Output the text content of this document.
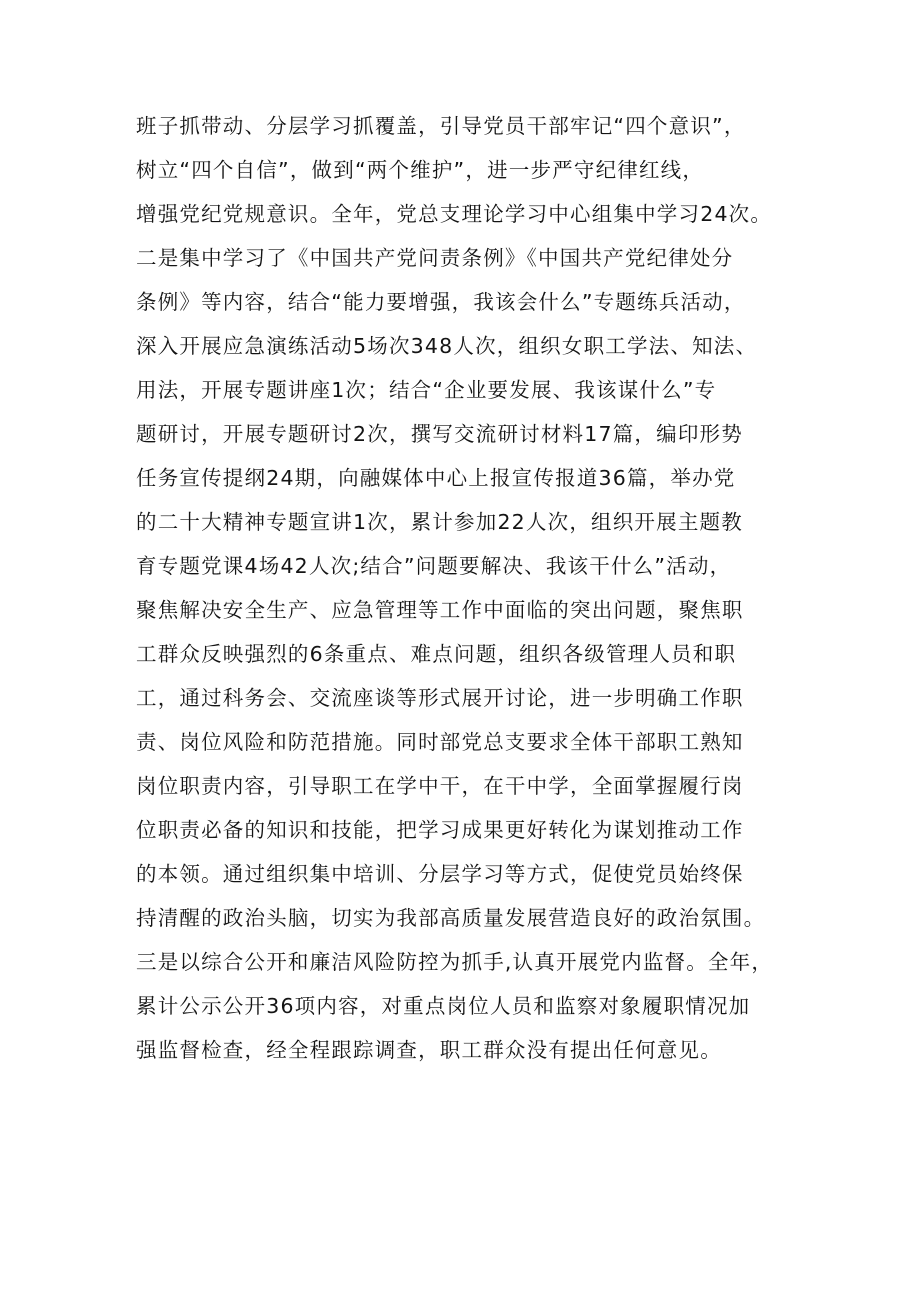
班子抓带动、分层学习抓覆盖，引导党员干部牢记“四个意识”，
树立“四个自信”，做到“两个维护”，进一步严守纪律红线，
增强党纪党规意识。全年，党总支理论学习中心组集中学习24次。
二是集中学习了《中国共产党问责条例》《中国共产党纪律处分
条例》等内容，结合“能力要增强，我该会什么”专题练兵活动，
深入开展应急演练活动5场次348人次，组织女职工学法、知法、
用法，开展专题讲座1次；结合“企业要发展、我该谋什么”专
题研讨，开展专题研讨2次，撰写交流研讨材料17篇，编印形势
任务宣传提纲24期，向融媒体中心上报宣传报道36篇，举办党
的二十大精神专题宣讲1次，累计参加22人次，组织开展主题教
育专题党课4场42人次;结合”问题要解决、我该干什么”活动，
聚焦解决安全生产、应急管理等工作中面临的突出问题，聚焦职
工群众反映强烈的6条重点、难点问题，组织各级管理人员和职
工，通过科务会、交流座谈等形式展开讨论，进一步明确工作职
责、岗位风险和防范措施。同时部党总支要求全体干部职工熟知
岗位职责内容，引导职工在学中干，在干中学，全面掌握履行岗
位职责必备的知识和技能，把学习成果更好转化为谋划推动工作
的本领。通过组织集中培训、分层学习等方式，促使党员始终保
持清醒的政治头脑，切实为我部高质量发展营造良好的政治氛围。
三是以综合公开和廉洁风险防控为抓手,认真开展党内监督。全年，
累计公示公开36项内容，对重点岗位人员和监察对象履职情况加
强监督检查，经全程跟踪调查，职工群众没有提出任何意见。
